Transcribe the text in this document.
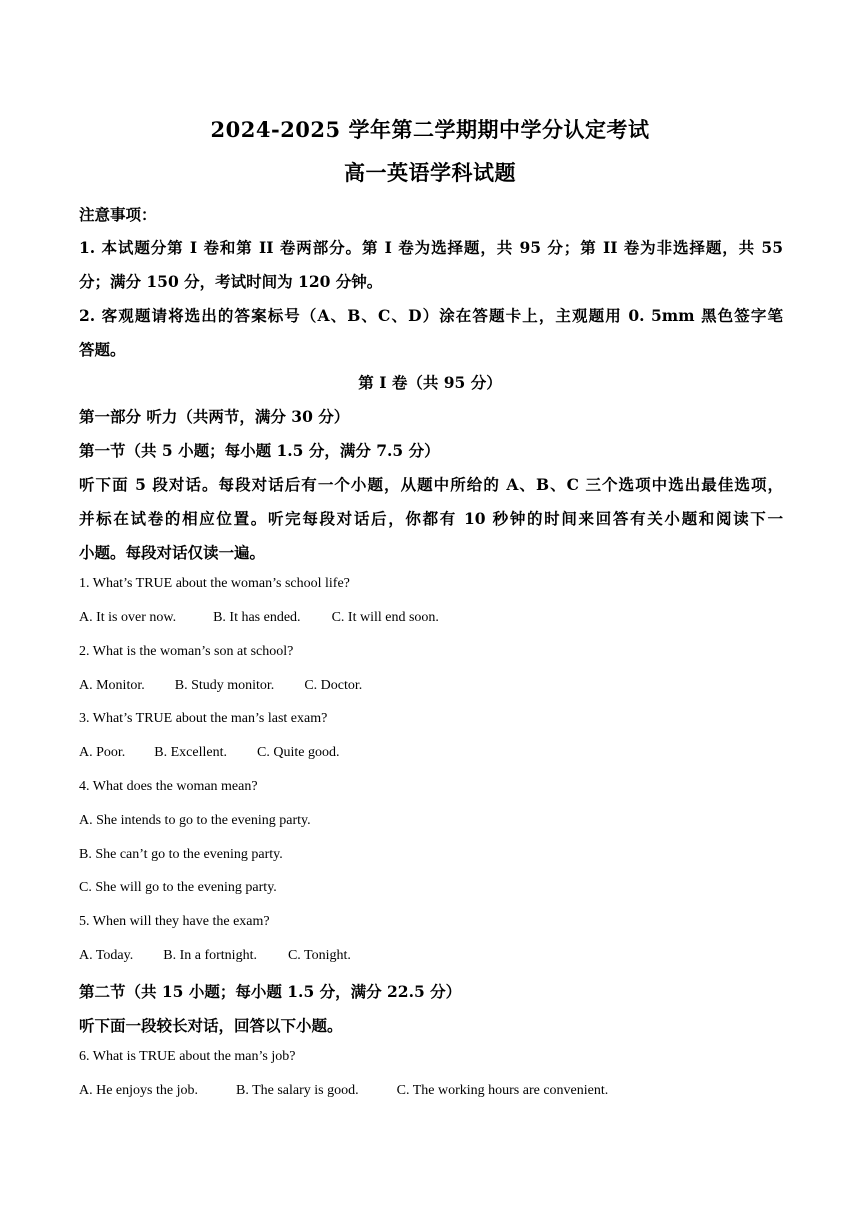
2024-2025 学年第二学期期中学分认定考试
高一英语学科试题
注意事项：
1. 本试题分第 I 卷和第 II 卷两部分。第 I 卷为选择题，共 95 分；第 II 卷为非选择题，共 55
分；满分 150 分，考试时间为 120 分钟。
2. 客观题请将选出的答案标号（A、B、C、D）涂在答题卡上，主观题用 0. 5mm 黑色签字笔
答题。
第 I 卷（共 95 分）
第一部分 听力（共两节，满分 30 分）
第一节（共 5 小题；每小题 1.5 分，满分 7.5 分）
听下面 5 段对话。每段对话后有一个小题，从题中所给的 A、B、C 三个选项中选出最佳选项，
并标在试卷的相应位置。听完每段对话后，你都有 10 秒钟的时间来回答有关小题和阅读下一
小题。每段对话仅读一遍。
1. What’s TRUE about the woman’s school life?
A. It is over now.	B. It has ended. C. It will end soon.
2. What is the woman’s son at school?
A. Monitor. B. Study monitor. C. Doctor.
3. What’s TRUE about the man’s last exam?
A. Poor. B. Excellent. C. Quite good.
4. What does the woman mean?
A. She intends to go to the evening party.
B. She can’t go to the evening party.
C. She will go to the evening party.
5. When will they have the exam?
A. Today. B. In a fortnight. C. Tonight.
第二节（共 15 小题；每小题 1.5 分，满分 22.5 分）
听下面一段较长对话，回答以下小题。
6. What is TRUE about the man’s job?
A. He enjoys the job.	B. The salary is good.	C. The working hours are convenient.
